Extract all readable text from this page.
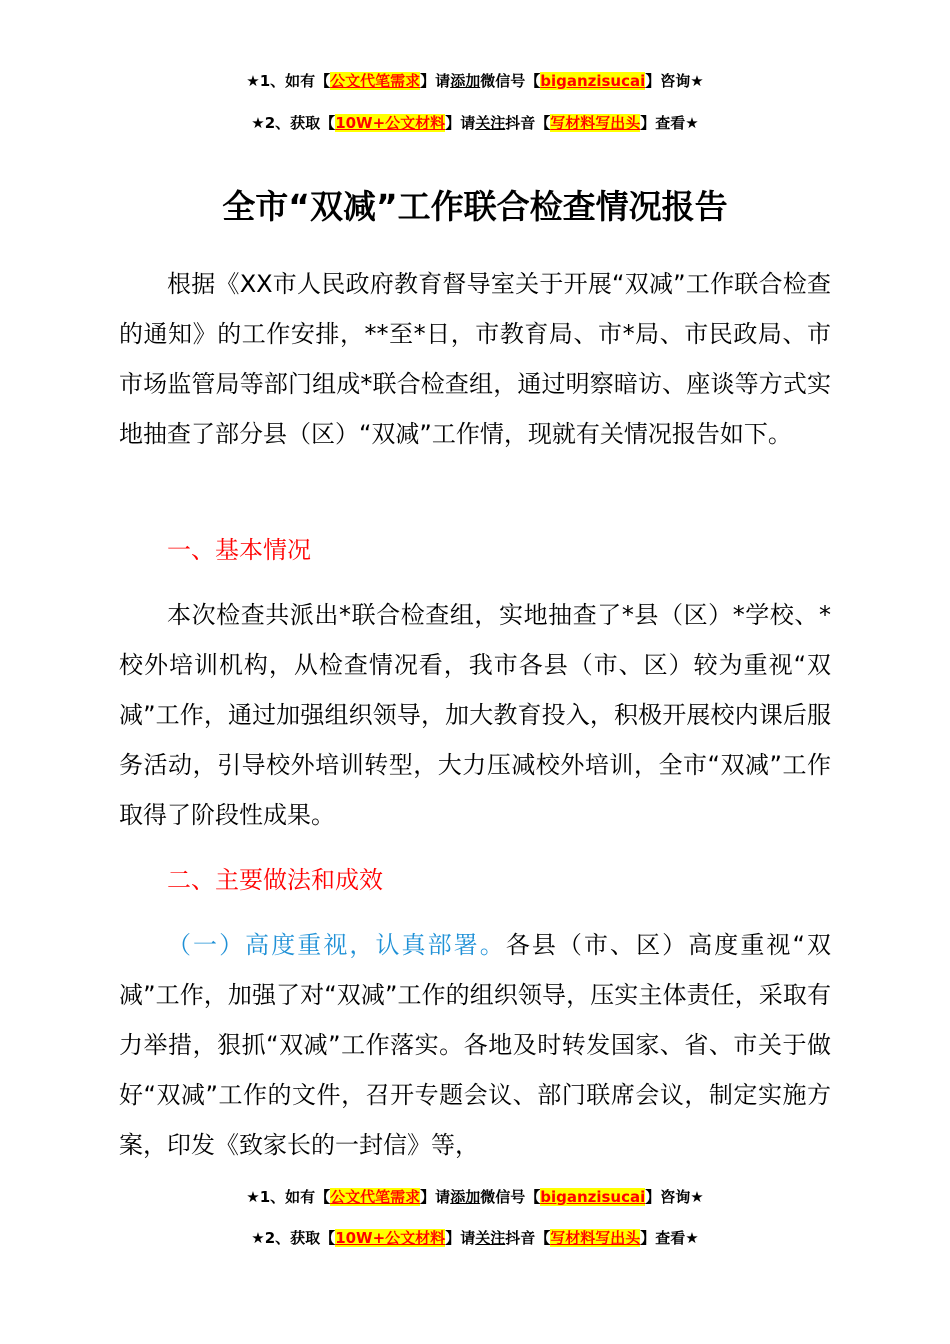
★1、如有【公文代笔需求】请添加微信号【biganzisucai】咨询★
★2、获取【10W+公文材料】请关注抖音【写材料写出头】查看★
全市“双减”工作联合检查情况报告

根据《XX市人民政府教育督导室关于开展“双减”工作联合检查的通知》的工作安排，**至*日，市教育局、市*局、市民政局、市市场监管局等部门组成*联合检查组，通过明察暗访、座谈等方式实地抽查了部分县（区）“双减”工作情，现就有关情况报告如下。

一、基本情况

本次检查共派出*联合检查组，实地抽查了*县（区）*学校、*校外培训机构，从检查情况看，我市各县（市、区）较为重视“双减”工作，通过加强组织领导，加大教育投入，积极开展校内课后服务活动，引导校外培训转型，大力压减校外培训，全市“双减”工作取得了阶段性成果。

二、主要做法和成效

（一）高度重视，认真部署。各县（市、区）高度重视“双减”工作，加强了对“双减”工作的组织领导，压实主体责任，采取有力举措，狠抓“双减”工作落实。各地及时转发国家、省、市关于做好“双减”工作的文件，召开专题会议、部门联席会议，制定实施方案，印发《致家长的一封信》等，

★1、如有【公文代笔需求】请添加微信号【biganzisucai】咨询★
★2、获取【10W+公文材料】请关注抖音【写材料写出头】查看★
